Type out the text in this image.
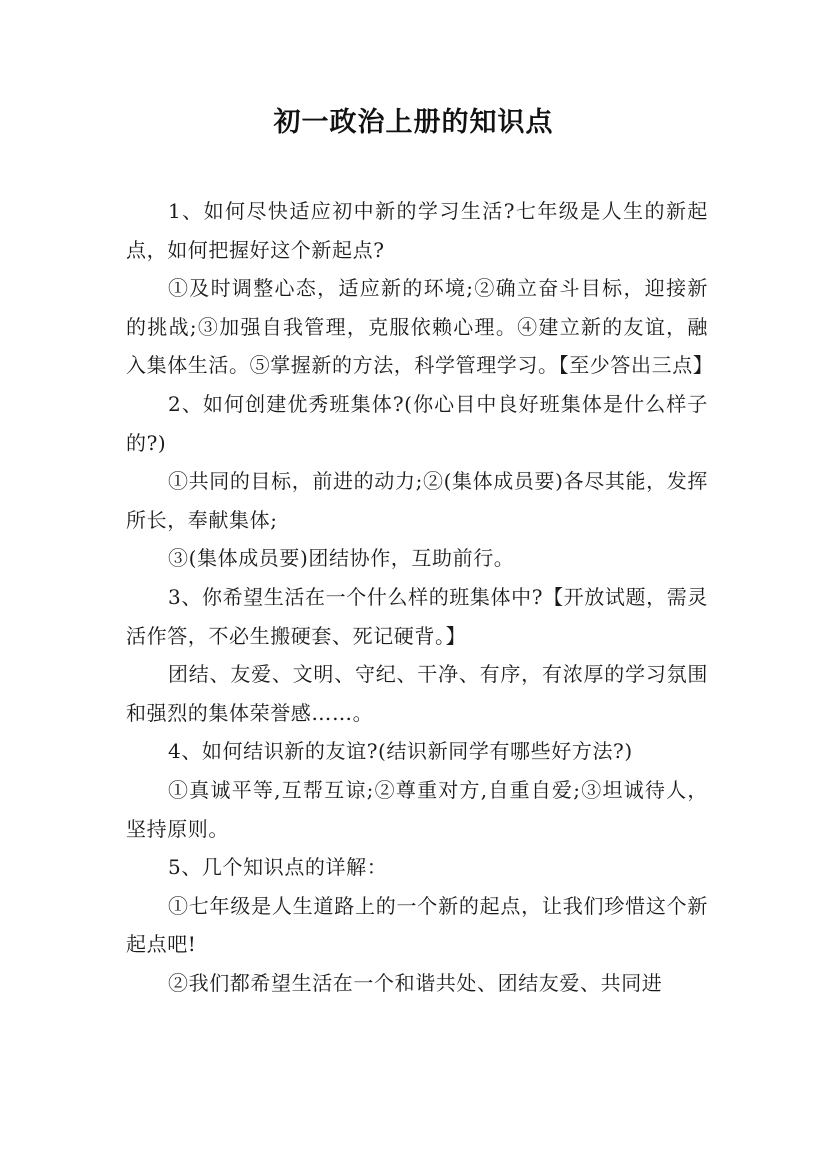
初一政治上册的知识点

1、如何尽快适应初中新的学习生活?七年级是人生的新起点，如何把握好这个新起点?

①及时调整心态，适应新的环境;②确立奋斗目标，迎接新的挑战;③加强自我管理，克服依赖心理。④建立新的友谊，融入集体生活。⑤掌握新的方法，科学管理学习。【至少答出三点】

2、如何创建优秀班集体?(你心目中良好班集体是什么样子的?)

①共同的目标，前进的动力;②(集体成员要)各尽其能，发挥所长，奉献集体;

③(集体成员要)团结协作，互助前行。

3、你希望生活在一个什么样的班集体中?【开放试题，需灵活作答，不必生搬硬套、死记硬背。】

团结、友爱、文明、守纪、干净、有序，有浓厚的学习氛围和强烈的集体荣誉感……。

4、如何结识新的友谊?(结识新同学有哪些好方法?)

①真诚平等,互帮互谅;②尊重对方,自重自爱;③坦诚待人，坚持原则。

5、几个知识点的详解：

①七年级是人生道路上的一个新的起点，让我们珍惜这个新起点吧!

②我们都希望生活在一个和谐共处、团结友爱、共同进
